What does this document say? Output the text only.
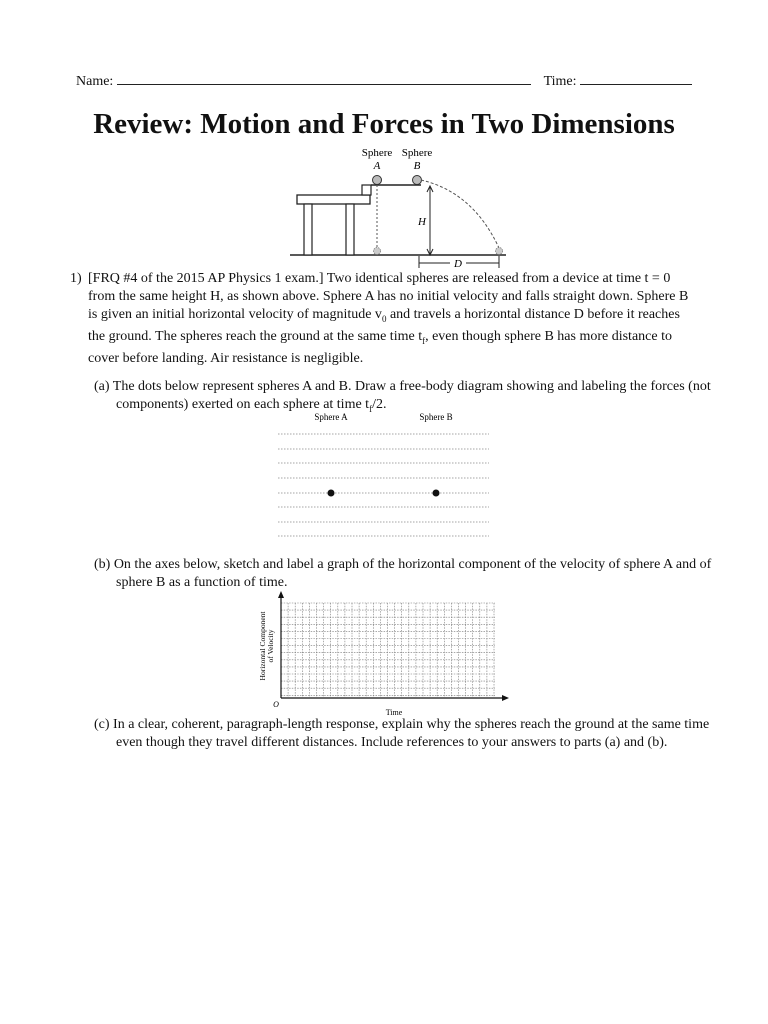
Name:	Time:
Review: Motion and Forces in Two Dimensions
Sphere
A
Sphere
B
H
D
1) [FRQ #4 of the 2015 AP Physics 1 exam.] Two identical spheres are released from a device at time t = 0 from the same height H, as shown above. Sphere A has no initial velocity and falls straight down. Sphere B is given an initial horizontal velocity of magnitude $v_0$ and travels a horizontal distance D before it reaches the ground. The spheres reach the ground at the same time $t_f$, even though sphere B has more distance to cover before landing. Air resistance is negligible.
(a) The dots below represent spheres A and B. Draw a free-body diagram showing and labeling the forces (not components) exerted on each sphere at time $t_f/2$.
Sphere A	Sphere B
(b) On the axes below, sketch and label a graph of the horizontal component of the velocity of sphere A and of sphere B as a function of time.
O
Time
Horizontal Component of Velocity
(c) In a clear, coherent, paragraph-length response, explain why the spheres reach the ground at the same time even though they travel different distances. Include references to your answers to parts (a) and (b).
